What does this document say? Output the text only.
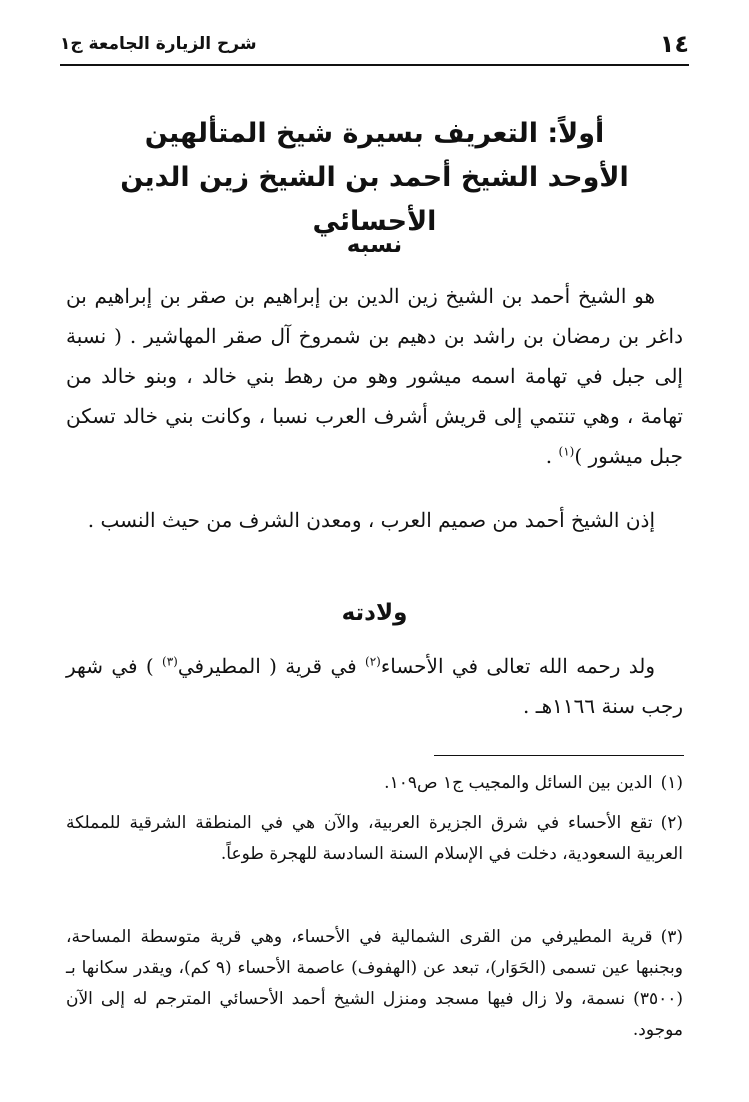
١٤
شرح الزيارة الجامعة ج١
أولاً: التعريف بسيرة شيخ المتألهين
الأوحد الشيخ أحمد بن الشيخ زين الدين الأحسائي
نسبه
هو الشيخ أحمد بن الشيخ زين الدين بن إبراهيم بن صقر بن إبراهيم بن داغر بن رمضان بن راشد بن دهيم بن شمروخ آل صقر المهاشير . ( نسبة إلى جبل في تهامة اسمه ميشور وهو من رهط بني خالد ، وبنو خالد من تهامة ، وهي تنتمي إلى قريش أشرف العرب نسبا ، وكانت بني خالد تسكن جبل ميشور )$^{(١)}$ .
إذن الشيخ أحمد من صميم العرب ، ومعدن الشرف من حيث النسب .
ولادته
ولد رحمه الله تعالى في الأحساء$^{(٢)}$ في قرية ( المطيرفي$^{(٣)}$ ) في شهر رجب سنة ١١٦٦هـ .
(١)الدين بين السائل والمجيب ج١ ص١٠٩.
(٢)تقع الأحساء في شرق الجزيرة العربية، والآن هي في المنطقة الشرقية للمملكة العربية السعودية، دخلت في الإسلام السنة السادسة للهجرة طوعاً.
(٣)قرية المطيرفي من القرى الشمالية في الأحساء، وهي قرية متوسطة المساحة، وبجنبها عين تسمى (الحَوَار)، تبعد عن (الهفوف) عاصمة الأحساء (٩ كم)، ويقدر سكانها بـ (٣٥٠٠) نسمة، ولا زال فيها مسجد ومنزل الشيخ أحمد الأحسائي المترجم له إلى الآن موجود.
